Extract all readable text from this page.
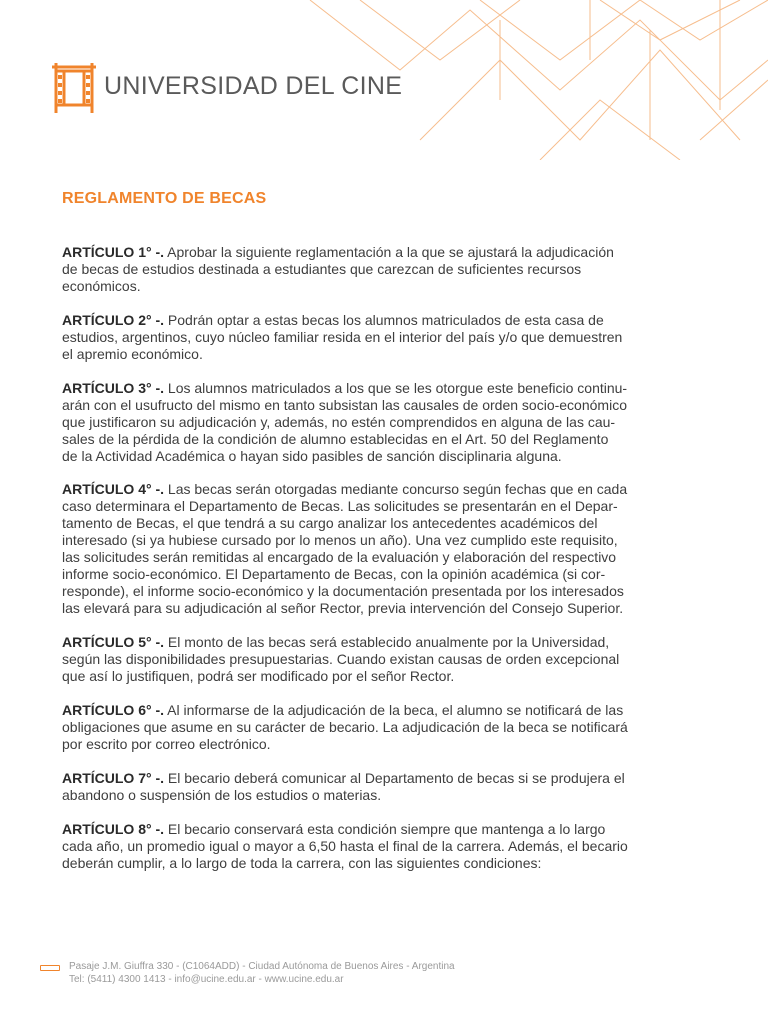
UNIVERSIDAD DEL CINE
REGLAMENTO DE BECAS

ARTÍCULO 1° -. Aprobar la siguiente reglamentación a la que se ajustará la adjudicación
de becas de estudios destinada a estudiantes que carezcan de suficientes recursos
económicos.

ARTÍCULO 2° -. Podrán optar a estas becas los alumnos matriculados de esta casa de
estudios, argentinos, cuyo núcleo familiar resida en el interior del país y/o que demuestren
el apremio económico.

ARTÍCULO 3° -. Los alumnos matriculados a los que se les otorgue este beneficio continu-
arán con el usufructo del mismo en tanto subsistan las causales de orden socio-económico
que justificaron su adjudicación y, además, no estén comprendidos en alguna de las cau-
sales de la pérdida de la condición de alumno establecidas en el Art. 50 del Reglamento
de la Actividad Académica o hayan sido pasibles de sanción disciplinaria alguna.

ARTÍCULO 4° -. Las becas serán otorgadas mediante concurso según fechas que en cada
caso determinara el Departamento de Becas. Las solicitudes se presentarán en el Depar-
tamento de Becas, el que tendrá a su cargo analizar los antecedentes académicos del
interesado (si ya hubiese cursado por lo menos un año). Una vez cumplido este requisito,
las solicitudes serán remitidas al encargado de la evaluación y elaboración del respectivo
informe socio-económico. El Departamento de Becas, con la opinión académica (si cor-
responde), el informe socio-económico y la documentación presentada por los interesados
las elevará para su adjudicación al señor Rector, previa intervención del Consejo Superior.

ARTÍCULO 5° -. El monto de las becas será establecido anualmente por la Universidad,
según las disponibilidades presupuestarias. Cuando existan causas de orden excepcional
que así lo justifiquen, podrá ser modificado por el señor Rector.

ARTÍCULO 6° -. Al informarse de la adjudicación de la beca, el alumno se notificará de las
obligaciones que asume en su carácter de becario. La adjudicación de la beca se notificará
por escrito por correo electrónico.

ARTÍCULO 7° -. El becario deberá comunicar al Departamento de becas si se produjera el
abandono o suspensión de los estudios o materias.

ARTÍCULO 8° -. El becario conservará esta condición siempre que mantenga a lo largo
cada año, un promedio igual o mayor a 6,50 hasta el final de la carrera. Además, el becario
deberán cumplir, a lo largo de toda la carrera, con las siguientes condiciones:

Pasaje J.M. Giuffra 330 - (C1064ADD) - Ciudad Autónoma de Buenos Aires - Argentina
Tel: (5411) 4300 1413 - info@ucine.edu.ar - www.ucine.edu.ar
